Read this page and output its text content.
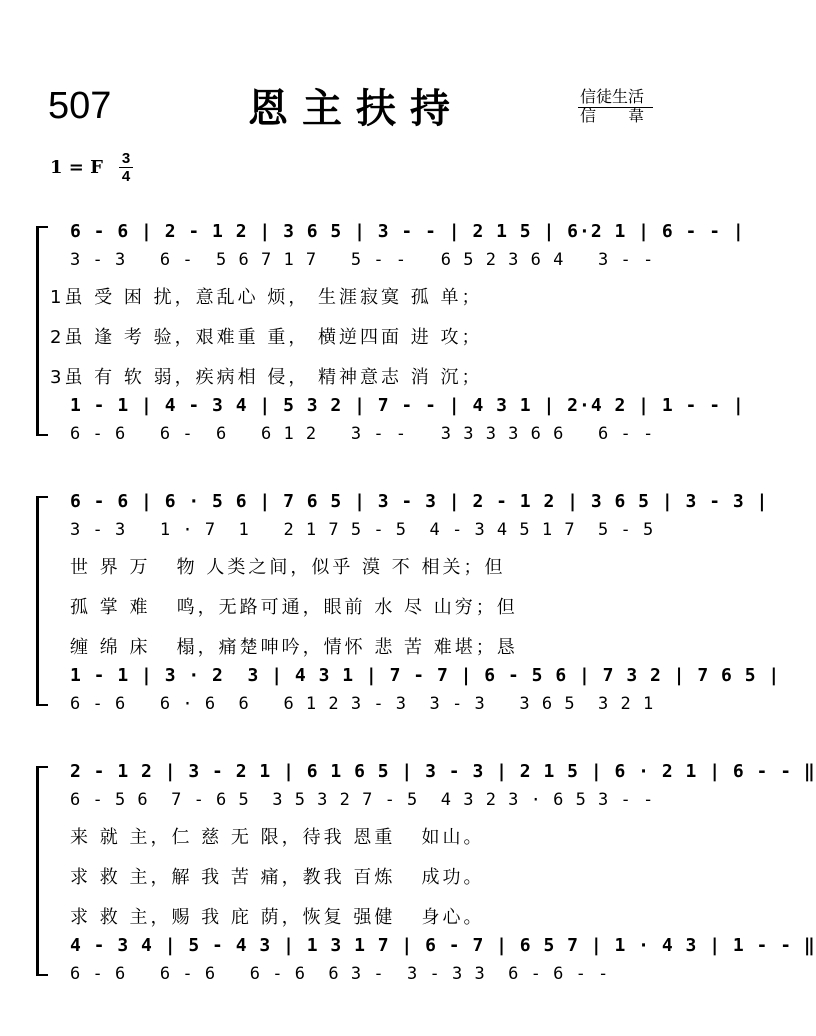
507	恩主扶持	信徒生活
信　　韋
1 = F 3
4
6 - 6 | 2 - 1 2 | 3 6 5 | 3 - - | 2 1 5 | 6·2 1 | 6 - - |
3 - 3   6 -  5 6 7 1 7   5 - -   6 5 2 3 6 4   3 - -
1虽 受 困 扰，意乱心 烦， 生涯寂寞 孤 单；
2虽 逢 考 验，艰难重 重， 横逆四面 进 攻；
3虽 有 软 弱，疾病相 侵， 精神意志 消 沉；
1 - 1 | 4 - 3 4 | 5 3 2 | 7 - - | 4 3 1 | 2·4 2 | 1 - - |
6 - 6   6 -  6   6 1 2   3 - -   3 3 3 3 6 6   6 - -
6 - 6 | 6 · 5 6 | 7 6 5 | 3 - 3 | 2 - 1 2 | 3 6 5 | 3 - 3 |
3 - 3   1 · 7  1   2 1 7 5 - 5  4 - 3 4 5 1 7  5 - 5
世 界 万   物 人类之间，似乎 漠 不 相关；但
孤 掌 难   鸣，无路可通，眼前 水 尽 山穷；但
缠 绵 床   榻，痛楚呻吟，情怀 悲 苦 难堪；恳
1 - 1 | 3 · 2  3 | 4 3 1 | 7 - 7 | 6 - 5 6 | 7 3 2 | 7 6 5 |
6 - 6   6 · 6  6   6 1 2 3 - 3  3 - 3   3 6 5  3 2 1
2 - 1 2 | 3 - 2 1 | 6 1 6 5 | 3 - 3 | 2 1 5 | 6 · 2 1 | 6 - - ‖
6 - 5 6  7 - 6 5  3 5 3 2 7 - 5  4 3 2 3 · 6 5 3 - -
来 就 主，仁 慈 无 限，待我 恩重   如山。
求 救 主，解 我 苦 痛，教我 百炼   成功。
求 救 主，赐 我 庇 荫，恢复 强健   身心。
4 - 3 4 | 5 - 4 3 | 1 3 1 7 | 6 - 7 | 6 5 7 | 1 · 4 3 | 1 - - ‖
6 - 6   6 - 6   6 - 6  6 3 -  3 - 3 3  6 - 6 - -
